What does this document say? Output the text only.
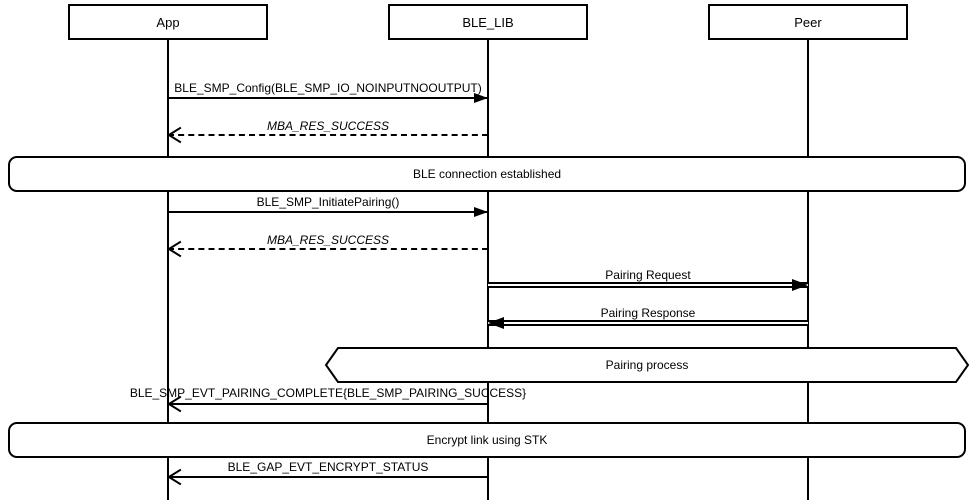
App	BLE_LIB	Peer
BLE_SMP_Config(BLE_SMP_IO_NOINPUTNOOUTPUT)
MBA_RES_SUCCESS
BLE connection established
BLE_SMP_InitiatePairing()
MBA_RES_SUCCESS
Pairing Request
Pairing Response
Pairing process
BLE_SMP_EVT_PAIRING_COMPLETE{BLE_SMP_PAIRING_SUCCESS}
Encrypt link using STK
BLE_GAP_EVT_ENCRYPT_STATUS
